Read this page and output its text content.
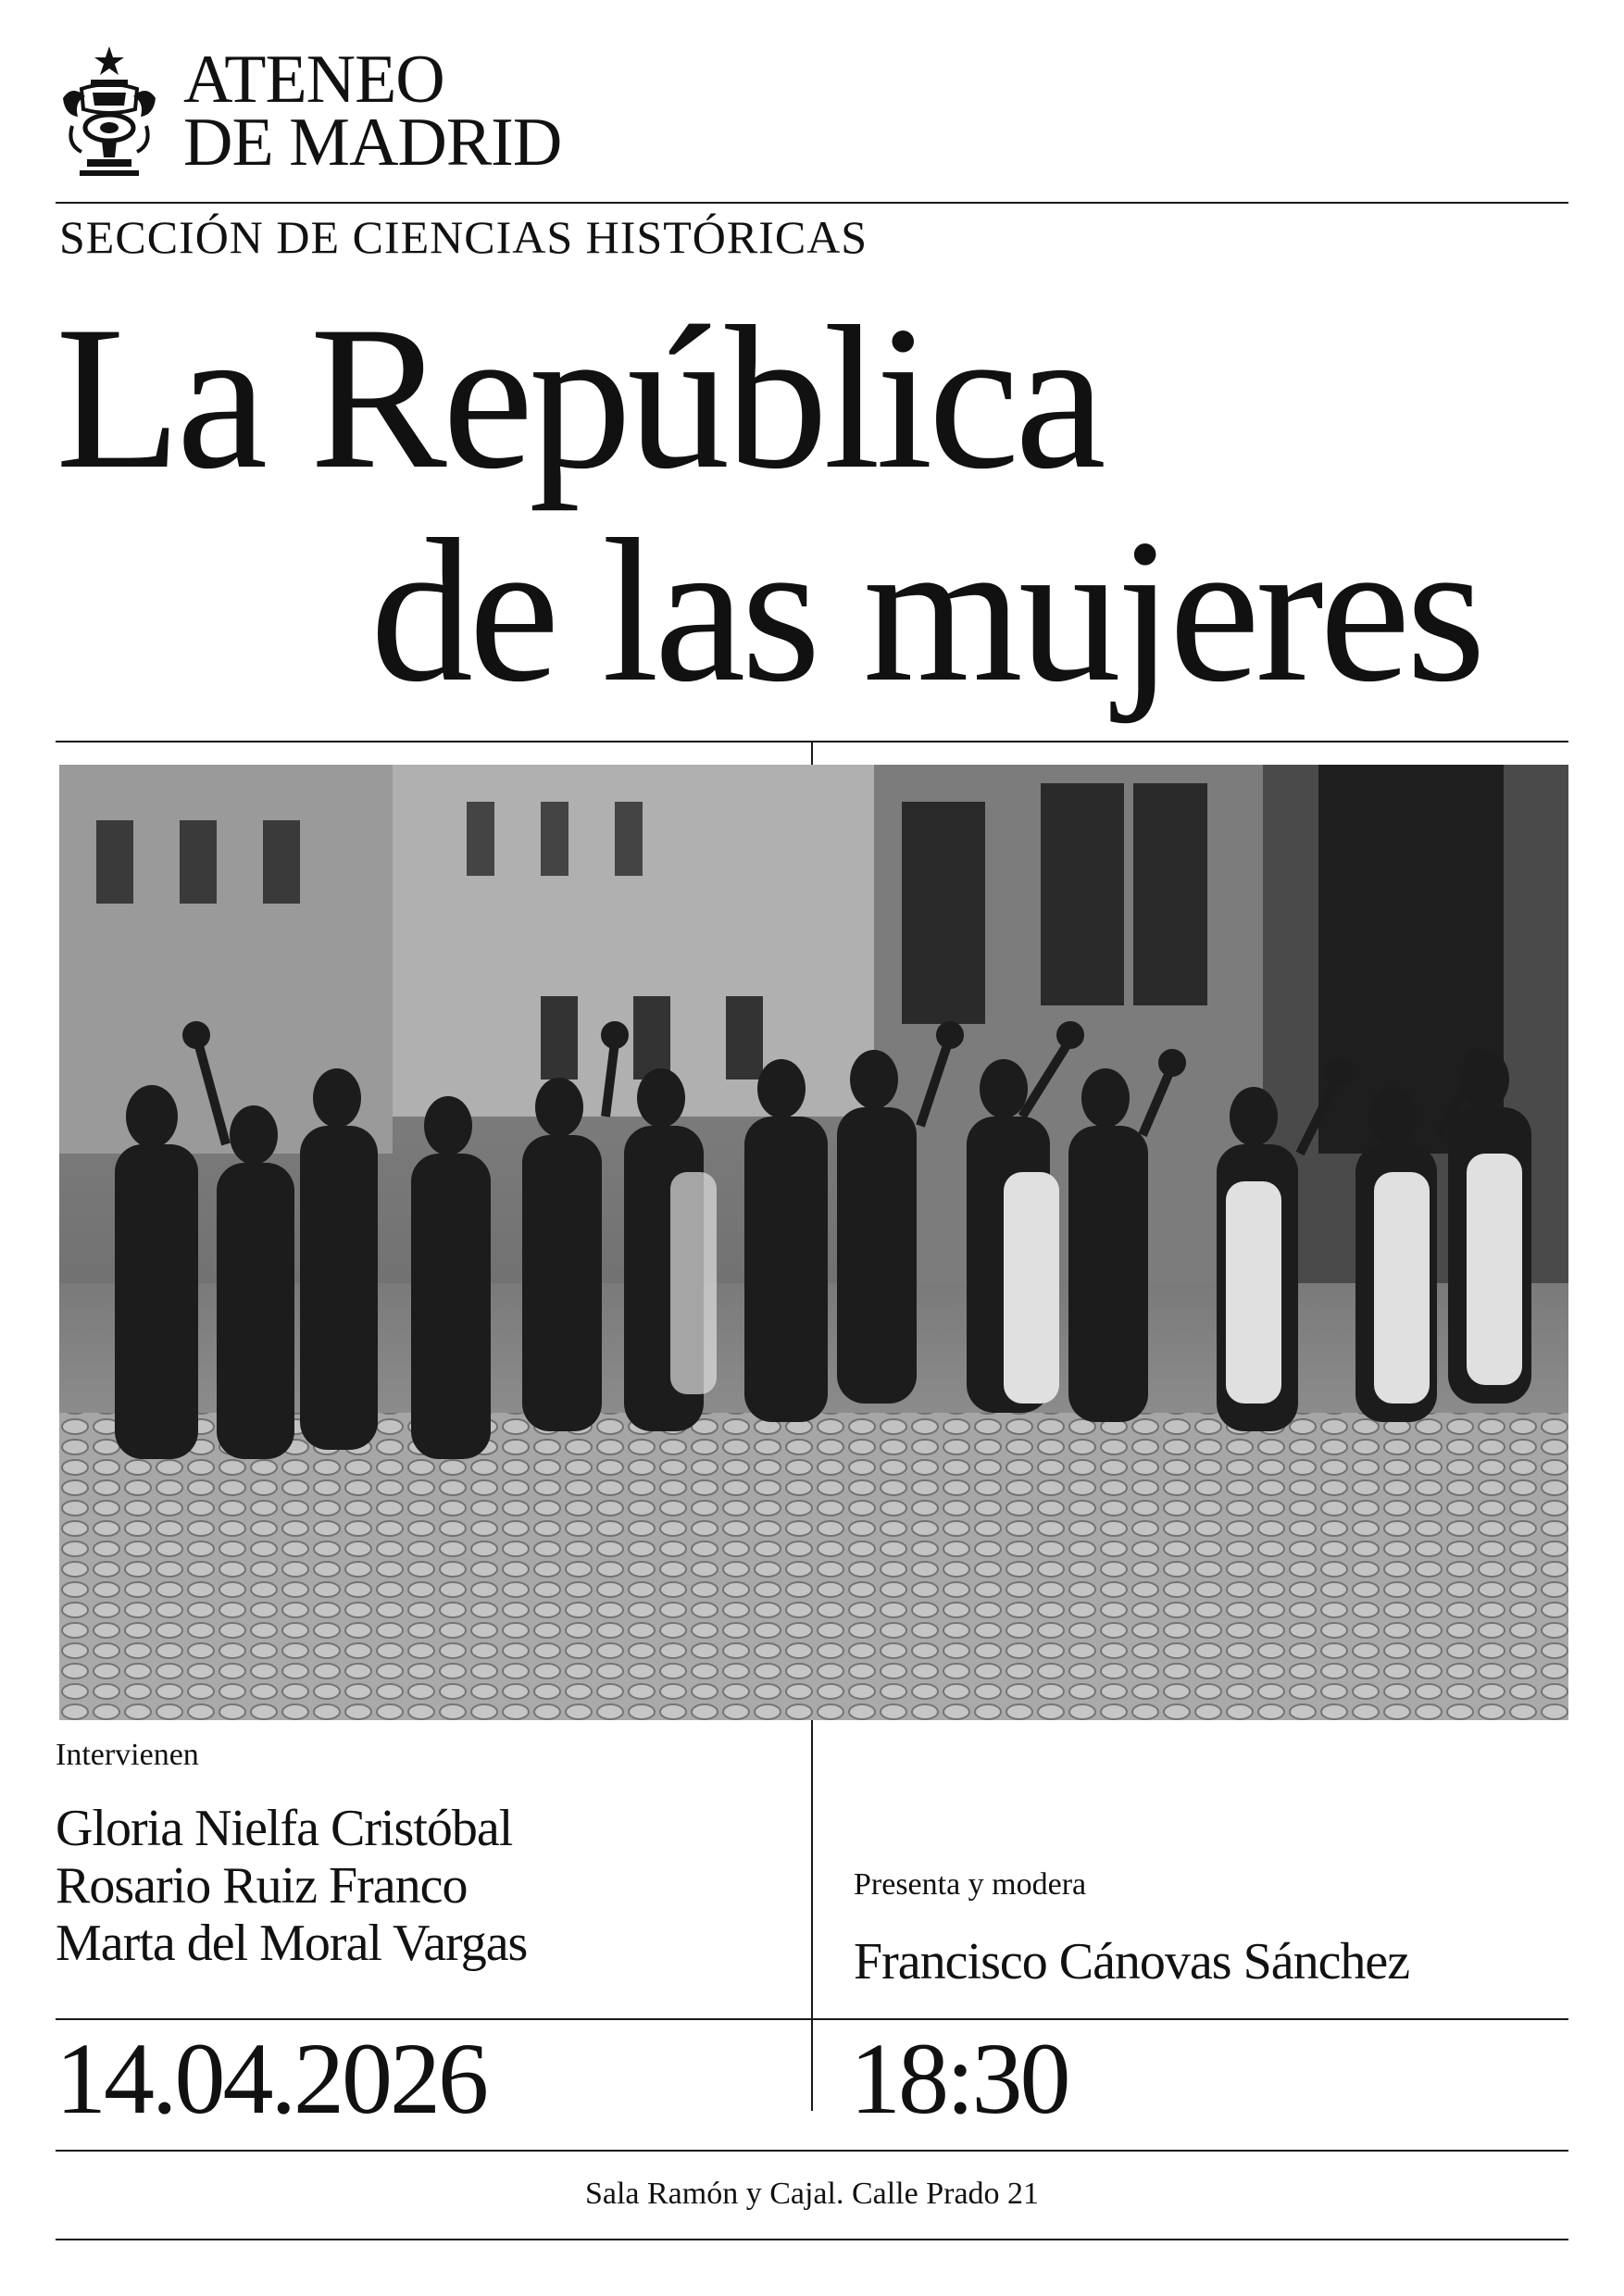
ATENEO
DE MADRID
SECCIÓN DE CIENCIAS HISTÓRICAS
La República
de las mujeres
Intervienen
Gloria Nielfa Cristóbal
Rosario Ruiz Franco
Marta del Moral Vargas
Presenta y modera
Francisco Cánovas Sánchez
14.04.2026	18:30
Sala Ramón y Cajal. Calle Prado 21
